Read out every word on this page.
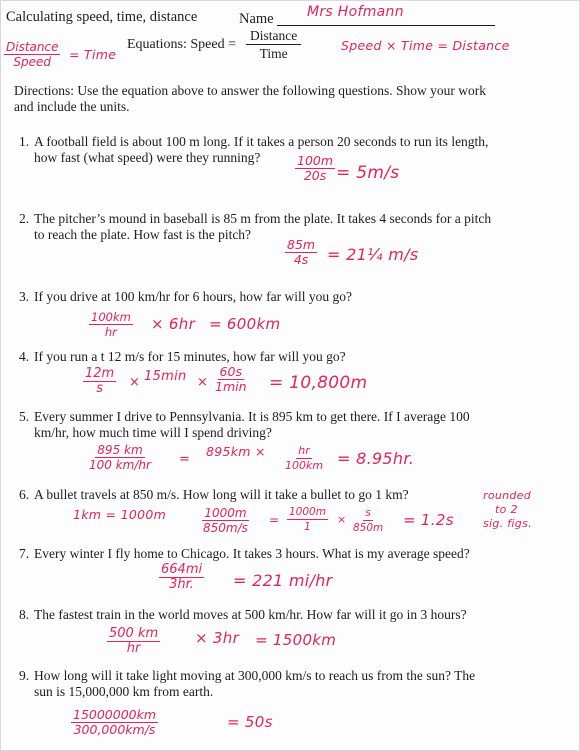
Calculating speed, time, distance	Name Mrs Hofmann
Distance
Speed = Time
Equations: Speed =
Distance
Time
Speed × Time = Distance
Directions: Use the equation above to answer the following questions. Show your work
and include the units.
1. A football field is about 100 m long. If it takes a person 20 seconds to run its length,
how fast (what speed) were they running?	$\frac{100m}{20s} = 5m/s$
2. The pitcher’s mound in baseball is 85 m from the plate. It takes 4 seconds for a pitch
to reach the plate. How fast is the pitch?
$\frac{85m}{4s}$ = 21¼ m/s
3. If you drive at 100 km/hr for 6 hours, how far will you go?
$\frac{100km}{hr} \times 6hr = 600km$
4. If you run a t 12 m/s for 15 minutes, how far will you go?
$\frac{12m}{s} \times 15\min$ ×
60s
1min = 10,800m
5. Every summer I drive to Pennsylvania. It is 895 km to get there. If I average 100
km/hr, how much time will I spend driving?
$\frac{895 km}{100 km/hr}$ =
$895km \times \frac{hr}{100km} = 8.95hr$.
6. A bullet travels at 850 m/s. How long will it take a bullet to go 1 km?
1km = 1000m	$\frac{1000m}{850m/s} = \frac{1000m}{1} \times \frac{s}{850m} = 1.2s$
rounded
to 2
sig. figs.
7. Every winter I fly home to Chicago. It takes 3 hours. What is my average speed?
$\frac{664mi}{3hr.} = 221$ mi/hr
8. The fastest train in the world moves at 500 km/hr. How far will it go in 3 hours?
$\frac{500 km}{hr} \times 3hr = 1500km$
9. How long will it take light moving at 300,000 km/s to reach us from the sun? The
sun is 15,000,000 km from earth.
$\frac{15000000km}{300,000km/s}$	= 50s
